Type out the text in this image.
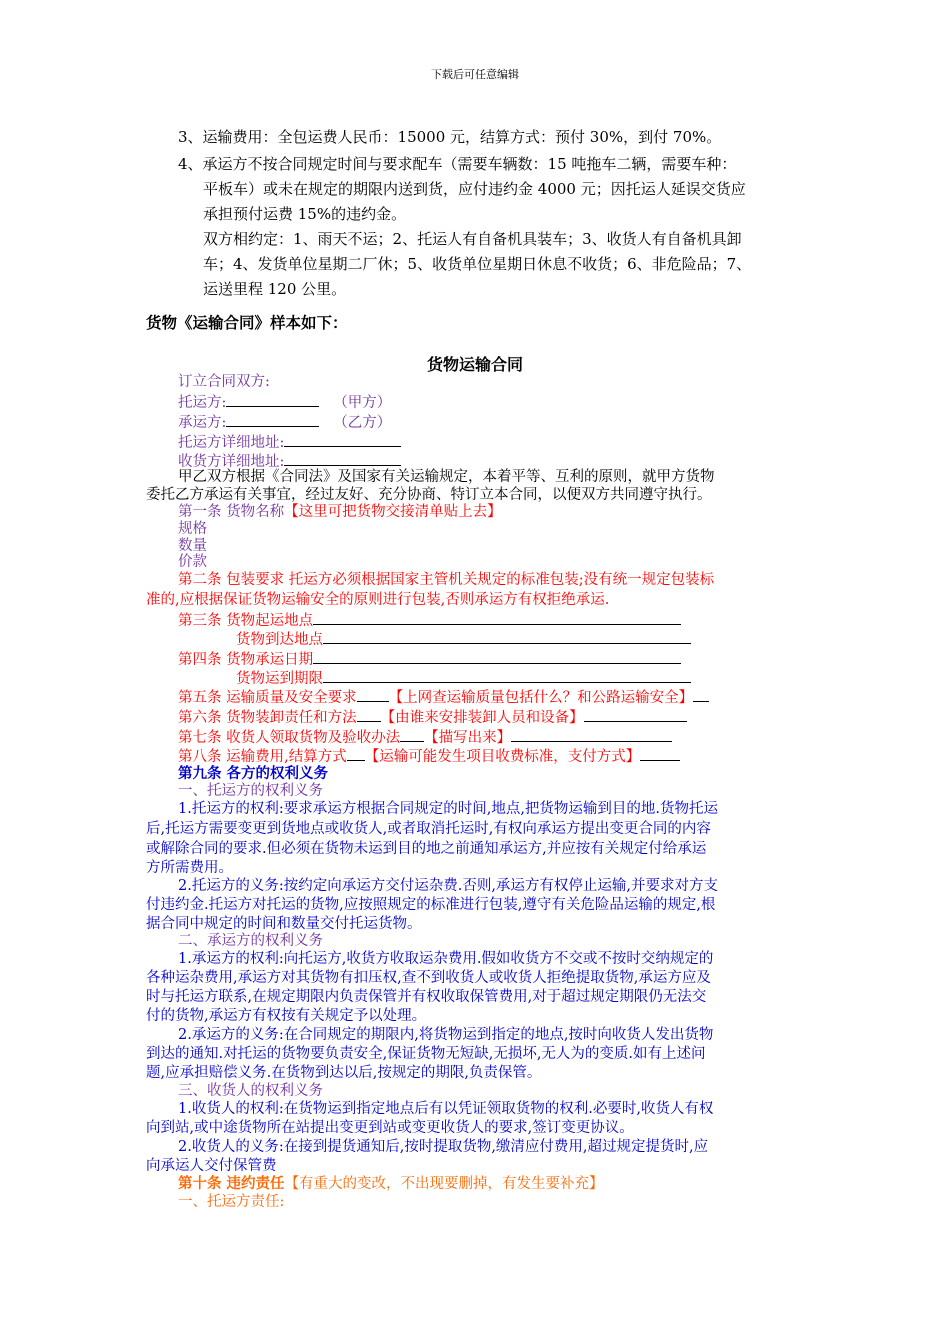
下载后可任意编辑
3、运输费用：全包运费人民币：15000 元，结算方式：预付 30%，到付 70%。
4、承运方不按合同规定时间与要求配车（需要车辆数：15 吨拖车二辆，需要车种：
平板车）或未在规定的期限内送到货，应付违约金 4000 元；因托运人延误交货应
承担预付运费 15%的违约金。
双方相约定：1、雨天不运；2、托运人有自备机具装车；3、收货人有自备机具卸
车；4、发货单位星期二厂休；5、收货单位星期日休息不收货；6、非危险品；7、
运送里程 120 公里。
货物《运输合同》样本如下：
货物运输合同
订立合同双方:
托运方:	（甲方）
承运方:	（乙方）
托运方详细地址:
收货方详细地址:
甲乙双方根据《合同法》及国家有关运输规定，本着平等、互利的原则，就甲方货物
委托乙方承运有关事宜，经过友好、充分协商、特订立本合同，以便双方共同遵守执行。
第一条 货物名称【这里可把货物交接清单贴上去】
规格
数量
价款
第二条 包装要求 托运方必须根据国家主管机关规定的标准包装;没有统一规定包装标
准的,应根据保证货物运输安全的原则进行包装,否则承运方有权拒绝承运.
第三条 货物起运地点
货物到达地点
第四条 货物承运日期
货物运到期限
第五条 运输质量及安全要求 【上网查运输质量包括什么？和公路运输安全】
第六条 货物装卸责任和方法 【由谁来安排装卸人员和设备】
第七条 收货人领取货物及验收办法 【描写出来】
第八条 运输费用,结算方式 【运输可能发生项目收费标准，支付方式】
第九条 各方的权利义务
一、托运方的权利义务
1.托运方的权利:要求承运方根据合同规定的时间,地点,把货物运输到目的地.货物托运
后,托运方需要变更到货地点或收货人,或者取消托运时,有权向承运方提出变更合同的内容
或解除合同的要求.但必须在货物未运到目的地之前通知承运方,并应按有关规定付给承运
方所需费用。
2.托运方的义务:按约定向承运方交付运杂费.否则,承运方有权停止运输,并要求对方支
付违约金.托运方对托运的货物,应按照规定的标准进行包装,遵守有关危险品运输的规定,根
据合同中规定的时间和数量交付托运货物。
二、承运方的权利义务
1.承运方的权利:向托运方,收货方收取运杂费用.假如收货方不交或不按时交纳规定的
各种运杂费用,承运方对其货物有扣压权,查不到收货人或收货人拒绝提取货物,承运方应及
时与托运方联系,在规定期限内负责保管并有权收取保管费用,对于超过规定期限仍无法交
付的货物,承运方有权按有关规定予以处理。
2.承运方的义务:在合同规定的期限内,将货物运到指定的地点,按时向收货人发出货物
到达的通知.对托运的货物要负责安全,保证货物无短缺,无损坏,无人为的变质.如有上述问
题,应承担赔偿义务.在货物到达以后,按规定的期限,负责保管。
三、收货人的权利义务
1.收货人的权利:在货物运到指定地点后有以凭证领取货物的权利.必要时,收货人有权
向到站,或中途货物所在站提出变更到站或变更收货人的要求,签订变更协议。
2.收货人的义务:在接到提货通知后,按时提取货物,缴清应付费用,超过规定提货时,应
向承运人交付保管费
第十条 违约责任【有重大的变改，不出现要删掉，有发生要补充】
一、托运方责任:
